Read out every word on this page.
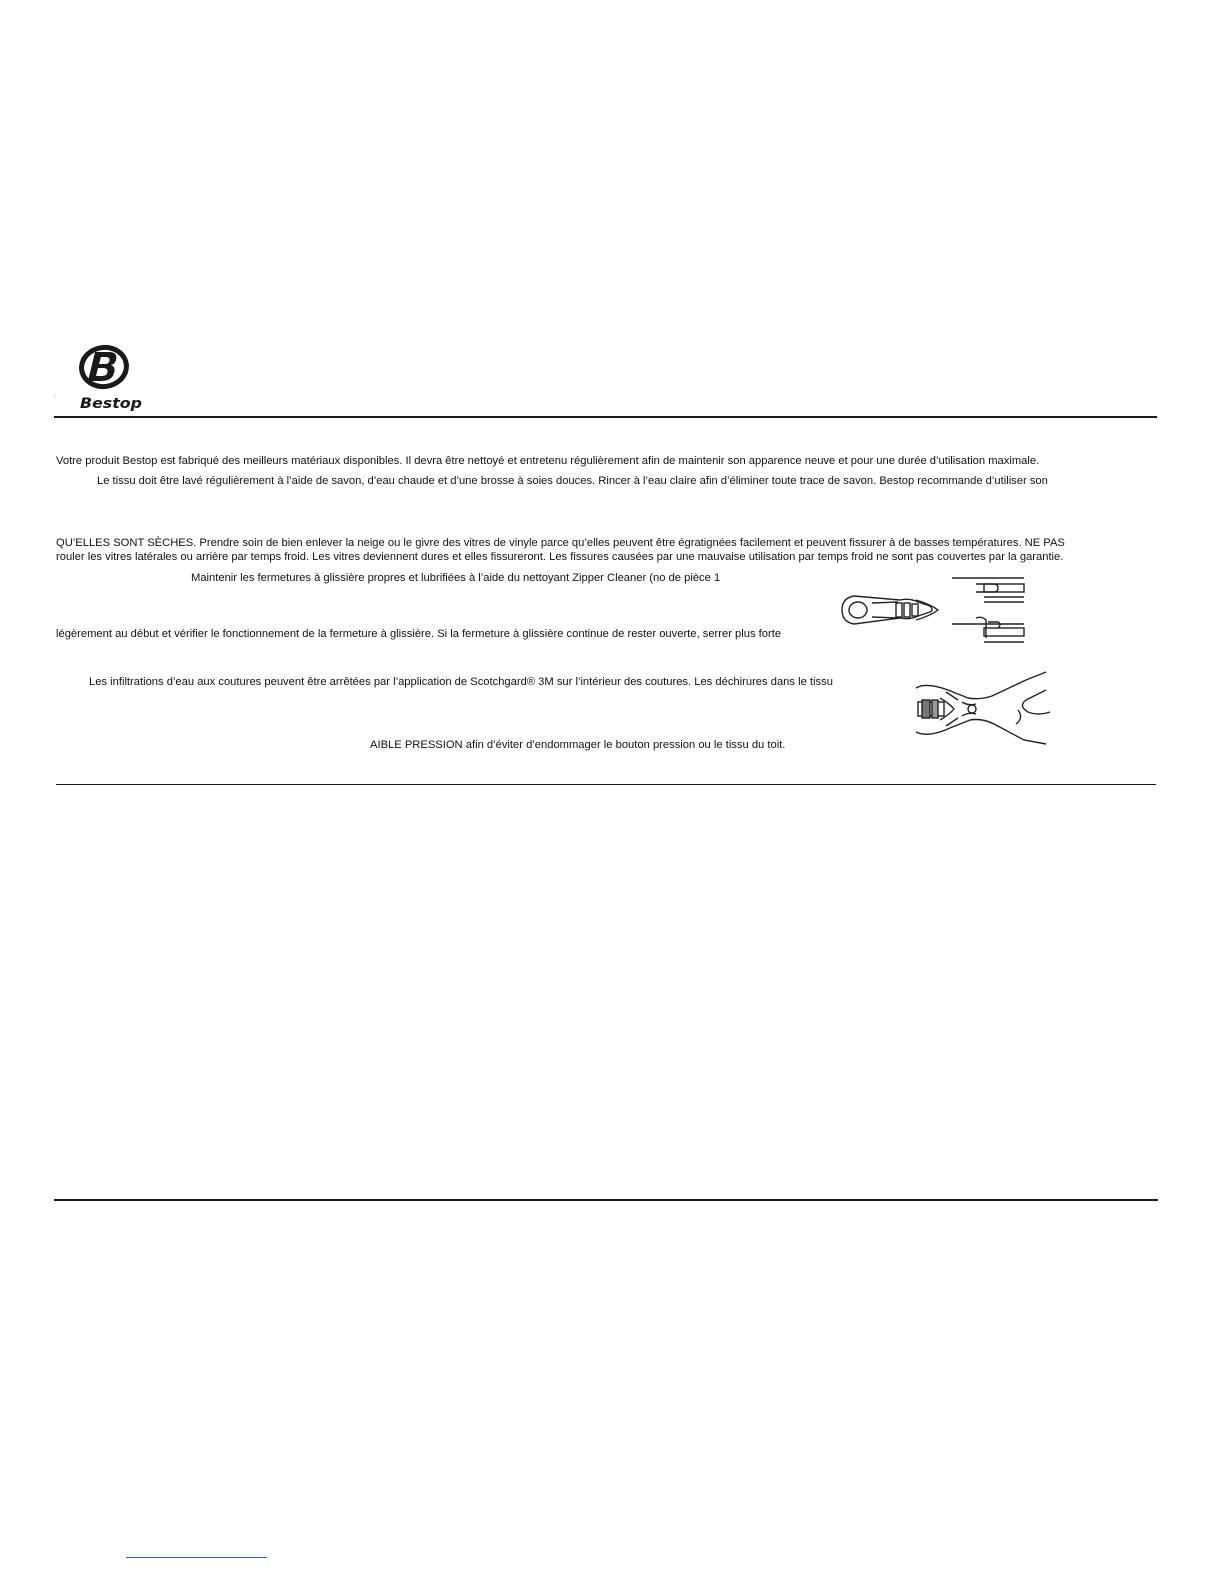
Bestop
Votre produit Bestop est fabriqué des meilleurs matériaux disponibles. Il devra être nettoyé et entretenu régulièrement afin de maintenir son apparence neuve et pour une durée d’utilisation maximale.
Le tissu doit être lavé régulièrement à l’aide de savon, d’eau chaude et d’une brosse à soies douces. Rincer à l’eau claire afin d’éliminer toute trace de savon. Bestop recommande d’utiliser son
QU’ELLES SONT SÈCHES. Prendre soin de bien enlever la neige ou le givre des vitres de vinyle parce qu’elles peuvent être égratignées facilement et peuvent fissurer à de basses températures. NE PAS
rouler les vitres latérales ou arrière par temps froid. Les vitres deviennent dures et elles fissureront. Les fissures causées par une mauvaise utilisation par temps froid ne sont pas couvertes par la garantie.
Maintenir les fermetures à glissière propres et lubrifiées à l’aide du nettoyant Zipper Cleaner (no de pièce 1
légèrement au début et vérifier le fonctionnement de la fermeture à glissière. Si la fermeture à glissière continue de rester ouverte, serrer plus forte
Les infiltrations d’eau aux coutures peuvent être arrêtées par l’application de Scotchgard® 3M sur l’intérieur des coutures. Les déchirures dans le tissu
AIBLE PRESSION afin d’éviter d’endommager le bouton pression ou le tissu du toit.
